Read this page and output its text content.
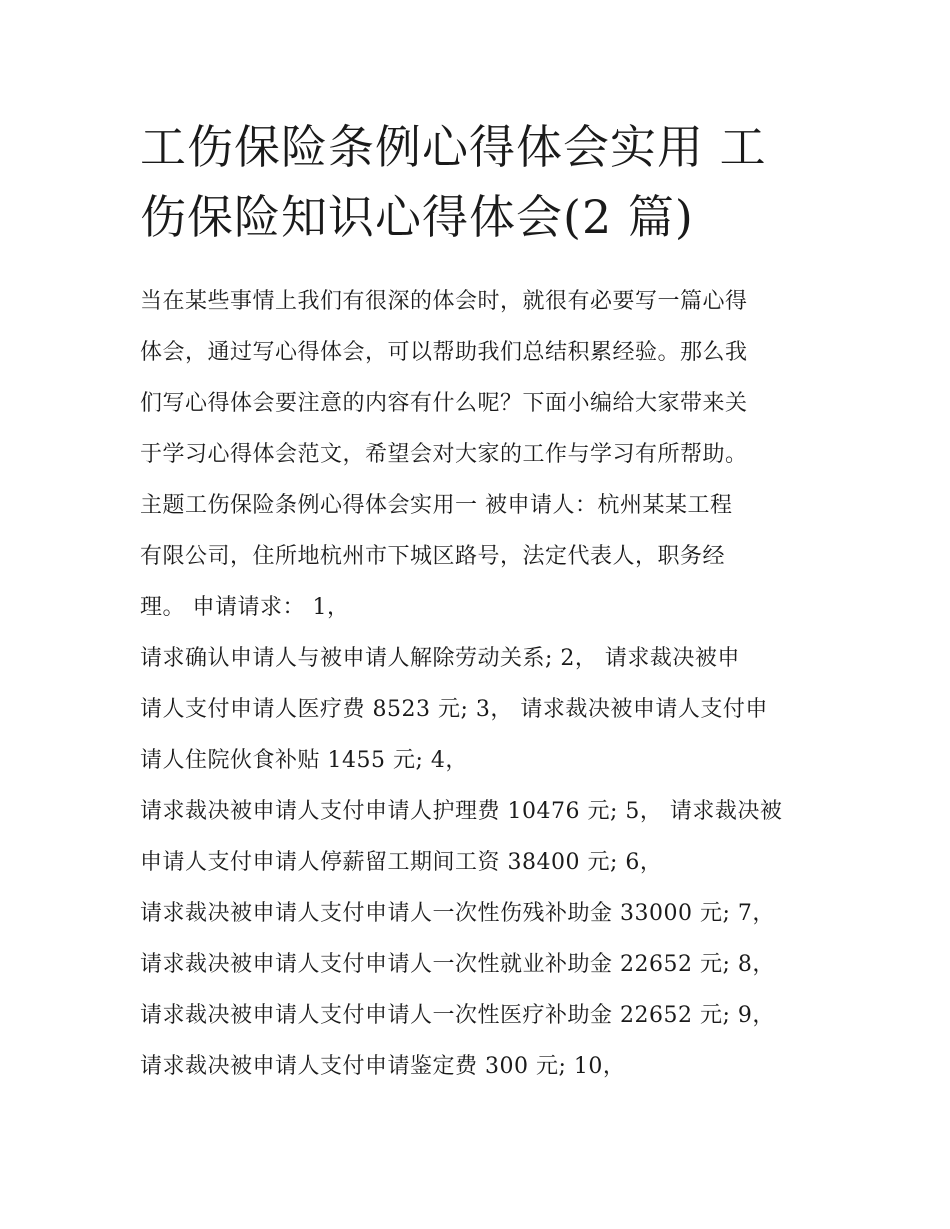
工伤保险条例心得体会实用 工
伤保险知识心得体会(2 篇)
当在某些事情上我们有很深的体会时，就很有必要写一篇心得
体会，通过写心得体会，可以帮助我们总结积累经验。那么我
们写心得体会要注意的内容有什么呢？下面小编给大家带来关
于学习心得体会范文，希望会对大家的工作与学习有所帮助。
主题工伤保险条例心得体会实用一 被申请人：杭州某某工程
有限公司，住所地杭州市下城区路号，法定代表人，职务经
理。 申请请求： 1，
请求确认申请人与被申请人解除劳动关系; 2， 请求裁决被申
请人支付申请人医疗费 8523 元; 3， 请求裁决被申请人支付申
请人住院伙食补贴 1455 元; 4，
请求裁决被申请人支付申请人护理费 10476 元; 5， 请求裁决被
申请人支付申请人停薪留工期间工资 38400 元; 6，
请求裁决被申请人支付申请人一次性伤残补助金 33000 元; 7，
请求裁决被申请人支付申请人一次性就业补助金 22652 元; 8，
请求裁决被申请人支付申请人一次性医疗补助金 22652 元; 9，
请求裁决被申请人支付申请鉴定费 300 元; 10，
